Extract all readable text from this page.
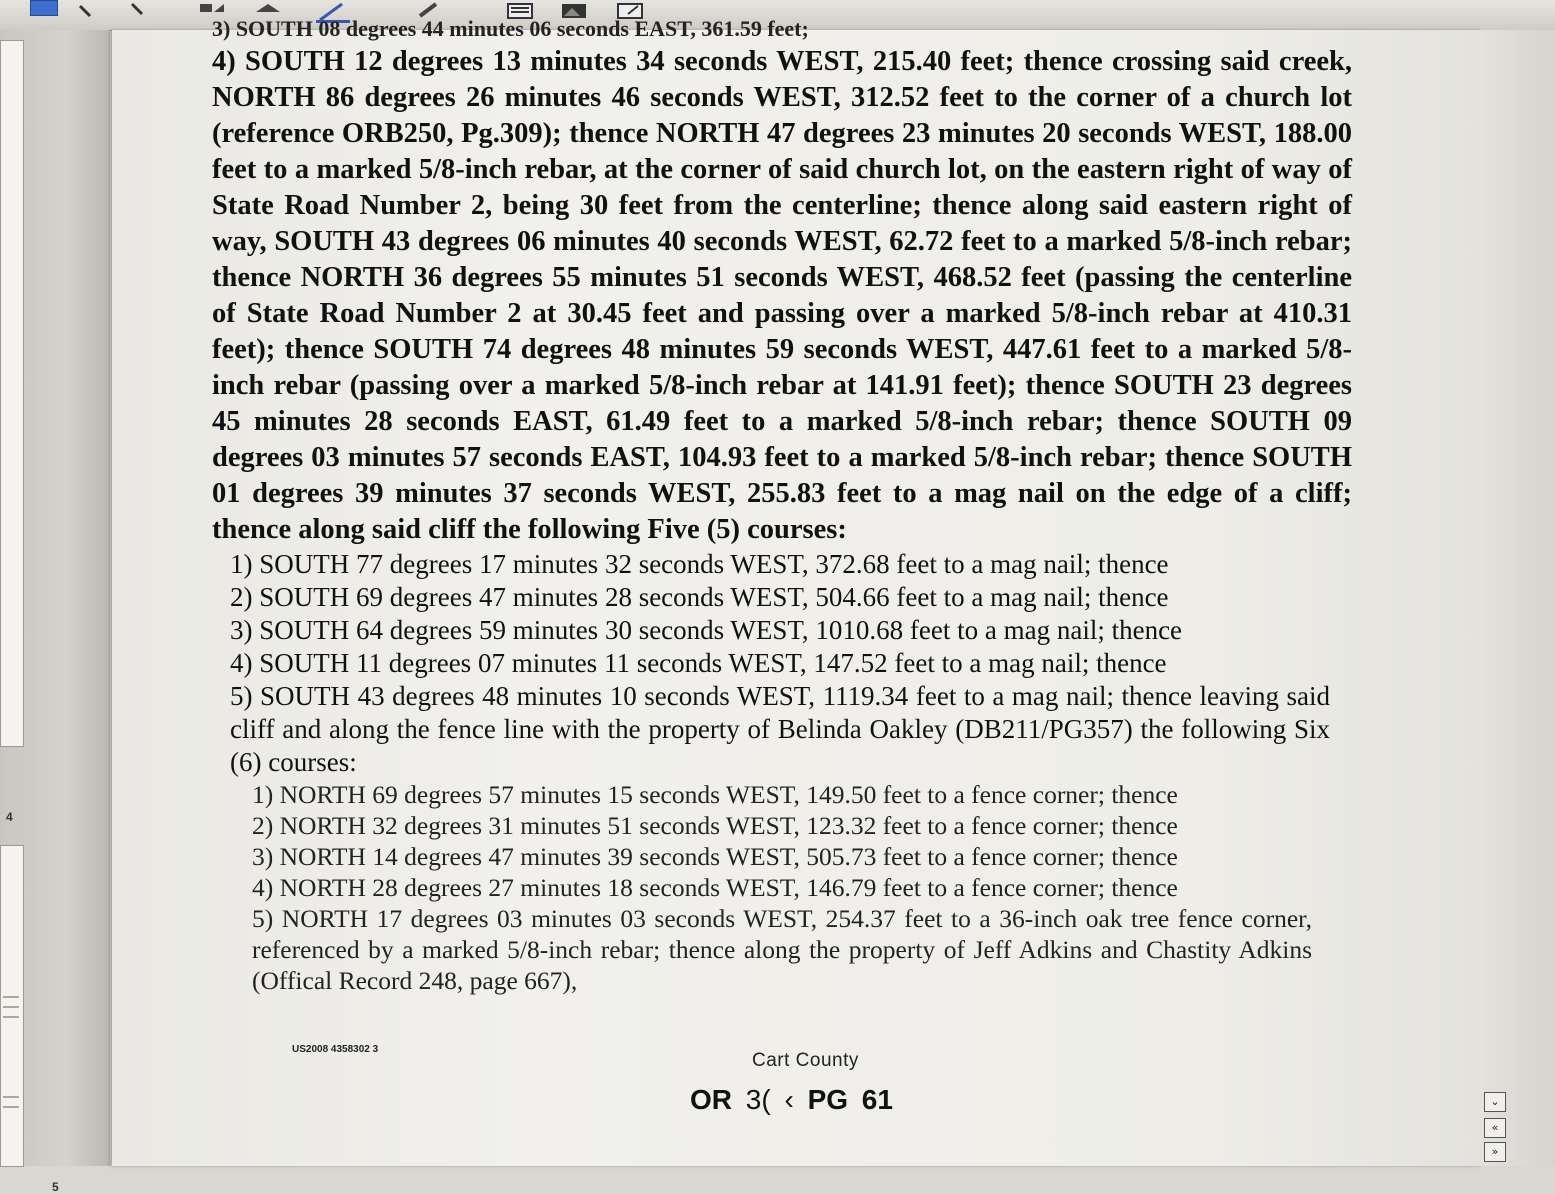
4
5
3) SOUTH 08 degrees 44 minutes 06 seconds EAST, 361.59 feet;

4) SOUTH 12 degrees 13 minutes 34 seconds WEST, 215.40 feet; thence crossing said creek, NORTH 86 degrees 26 minutes 46 seconds WEST, 312.52 feet to the corner of a church lot (reference ORB250, Pg.309); thence NORTH 47 degrees 23 minutes 20 seconds WEST, 188.00 feet to a marked 5/8-inch rebar, at the corner of said church lot, on the eastern right of way of State Road Number 2, being 30 feet from the centerline; thence along said eastern right of way, SOUTH 43 degrees 06 minutes 40 seconds WEST, 62.72 feet to a marked 5/8-inch rebar; thence NORTH 36 degrees 55 minutes 51 seconds WEST, 468.52 feet (passing the centerline of State Road Number 2 at 30.45 feet and passing over a marked 5/8-inch rebar at 410.31 feet); thence SOUTH 74 degrees 48 minutes 59 seconds WEST, 447.61 feet to a marked 5/8-inch rebar (passing over a marked 5/8-inch rebar at 141.91 feet); thence SOUTH 23 degrees 45 minutes 28 seconds EAST, 61.49 feet to a marked 5/8-inch rebar; thence SOUTH 09 degrees 03 minutes 57 seconds EAST, 104.93 feet to a marked 5/8-inch rebar; thence SOUTH 01 degrees 39 minutes 37 seconds WEST, 255.83 feet to a mag nail on the edge of a cliff; thence along said cliff the following Five (5) courses:

1) SOUTH 77 degrees 17 minutes 32 seconds WEST, 372.68 feet to a mag nail; thence

2) SOUTH 69 degrees 47 minutes 28 seconds WEST, 504.66 feet to a mag nail; thence

3) SOUTH 64 degrees 59 minutes 30 seconds WEST, 1010.68 feet to a mag nail; thence

4) SOUTH 11 degrees 07 minutes 11 seconds WEST, 147.52 feet to a mag nail; thence

5) SOUTH 43 degrees 48 minutes 10 seconds WEST, 1119.34 feet to a mag nail; thence leaving said cliff and along the fence line with the property of Belinda Oakley (DB211/PG357) the following Six (6) courses:

1) NORTH 69 degrees 57 minutes 15 seconds WEST, 149.50 feet to a fence corner; thence

2) NORTH 32 degrees 31 minutes 51 seconds WEST, 123.32 feet to a fence corner; thence

3) NORTH 14 degrees 47 minutes 39 seconds WEST, 505.73 feet to a fence corner; thence

4) NORTH 28 degrees 27 minutes 18 seconds WEST, 146.79 feet to a fence corner; thence

5) NORTH 17 degrees 03 minutes 03 seconds WEST, 254.37 feet to a 36-inch oak tree fence corner, referenced by a marked 5/8-inch rebar; thence along the property of Jeff Adkins and Chastity Adkins (Offical Record 248, page 667),

US2008 4358302 3
Cart County
OR 3( ‹ PG 61	⌄
«
»
